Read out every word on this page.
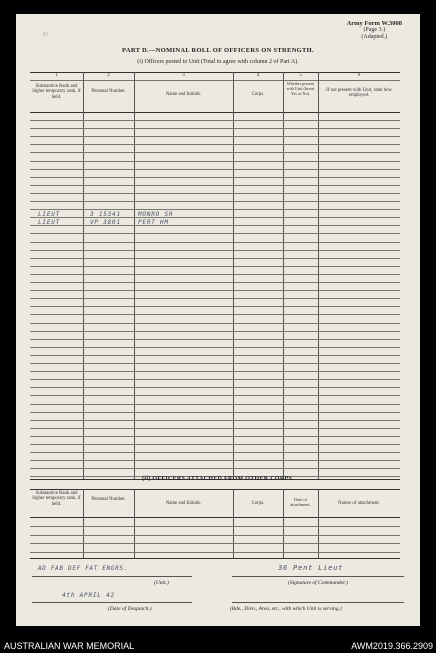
43
Army Form W.3008
(Page 3.)
(Adapted.)
PART D.—NOMINAL ROLL OF OFFICERS ON STRENGTH.
(i) Officers posted to Unit (Total to agree with column 2 of Part A).
1	2	3	4	5	6
Substantive Rank and higher temporary rank, if held.
Personal Number.
Name and Initials.	Corps.
Whether present with Unit (Insert Yes or No).
If not present with Unit, state how employed.
LIEUT	3 15341	MONRO SR
LIEUT	VP 3801	PERT HM
(ii) OFFICERS ATTACHED FROM OTHER CORPS.
Substantive Rank and higher temporary rank, if held.
Personal Number.
Name and Initials.	Corps.
Date of attachment.	Nature of attachment.
AD FAB DEF FAT ENGRS.
(Unit.)
36 Pent Lieut
(Signature of Commander.)
4th APRIL 42
(Date of Despatch.)	(Bde., Divn., Area, etc., with which Unit is serving.)
AUSTRALIAN WAR MEMORIAL	AWM2019.366.2909
